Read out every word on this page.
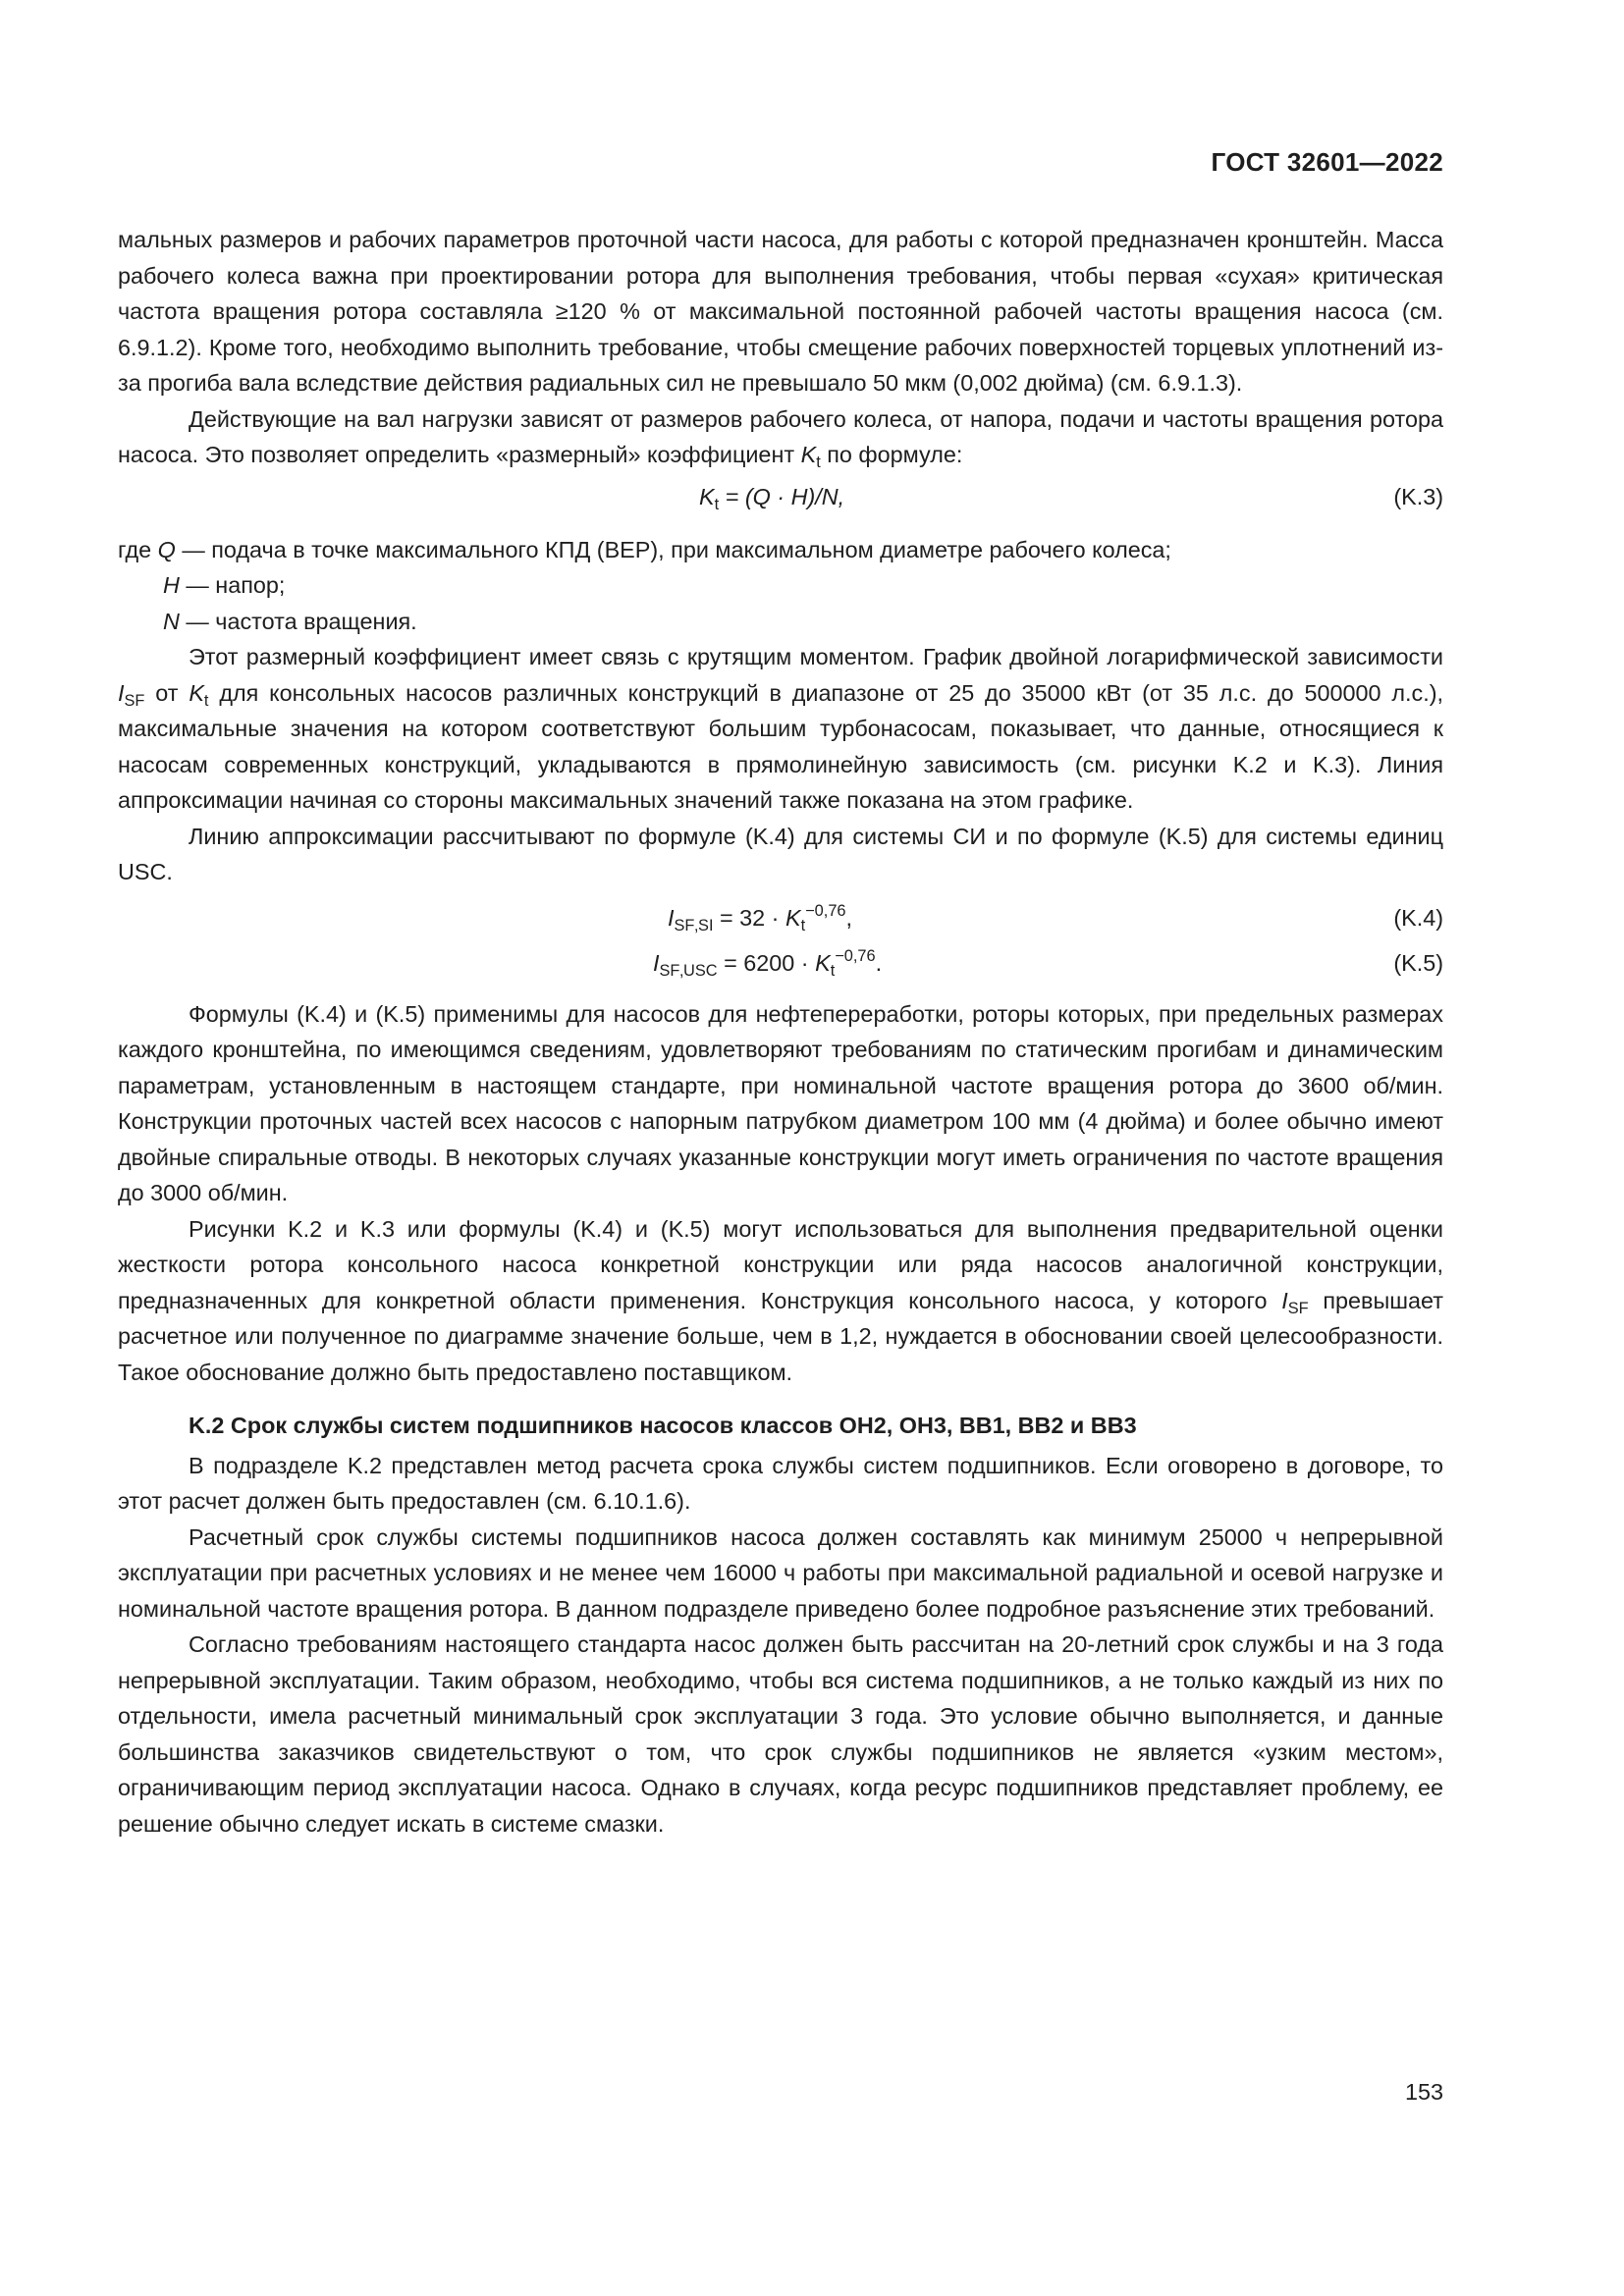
ГОСТ 32601—2022

мальных размеров и рабочих параметров проточной части насоса, для работы с которой предназначен кронштейн. Масса рабочего колеса важна при проектировании ротора для выполнения требования, чтобы первая «сухая» критическая частота вращения ротора составляла ≥120 % от максимальной постоянной рабочей частоты вращения насоса (см. 6.9.1.2). Кроме того, необходимо выполнить требование, чтобы смещение рабочих поверхностей торцевых уплотнений из-за прогиба вала вследствие действия радиальных сил не превышало 50 мкм (0,002 дюйма) (см. 6.9.1.3).

Действующие на вал нагрузки зависят от размеров рабочего колеса, от напора, подачи и частоты вращения ротора насоса. Это позволяет определить «размерный» коэффициент $K_t$ по формуле:

$K_t = (Q \cdot H)/N$,	(K.3)

где Q — подача в точке максимального КПД (BEP), при максимальном диаметре рабочего колеса;

H — напор;

N — частота вращения.

Этот размерный коэффициент имеет связь с крутящим моментом. График двойной логарифмической зависимости $I_{SF}$ от $K_t$ для консольных насосов различных конструкций в диапазоне от 25 до 35000 кВт (от 35 л.с. до 500000 л.с.), максимальные значения на котором соответствуют большим турбонасосам, показывает, что данные, относящиеся к насосам современных конструкций, укладываются в прямолинейную зависимость (см. рисунки K.2 и K.3). Линия аппроксимации начиная со стороны максимальных значений также показана на этом графике.

Линию аппроксимации рассчитывают по формуле (K.4) для системы СИ и по формуле (K.5) для системы единиц USC.

$I_{SF‚SI} = 32 \cdot K_t^{-0,76}$,	(K.4)
$I_{SF‚USC} = 6200 \cdot K_t^{-0,76}$.	(K.5)

Формулы (K.4) и (K.5) применимы для насосов для нефтепереработки, роторы которых, при предельных размерах каждого кронштейна, по имеющимся сведениям, удовлетворяют требованиям по статическим прогибам и динамическим параметрам, установленным в настоящем стандарте, при номинальной частоте вращения ротора до 3600 об/мин. Конструкции проточных частей всех насосов с напорным патрубком диаметром 100 мм (4 дюйма) и более обычно имеют двойные спиральные отводы. В некоторых случаях указанные конструкции могут иметь ограничения по частоте вращения до 3000 об/мин.

Рисунки K.2 и K.3 или формулы (K.4) и (K.5) могут использоваться для выполнения предварительной оценки жесткости ротора консольного насоса конкретной конструкции или ряда насосов аналогичной конструкции, предназначенных для конкретной области применения. Конструкция консольного насоса, у которого $I_{SF}$ превышает расчетное или полученное по диаграмме значение больше, чем в 1,2, нуждается в обосновании своей целесообразности. Такое обоснование должно быть предоставлено поставщиком.

K.2 Срок службы систем подшипников насосов классов OH2, OH3, BB1, BB2 и BB3

В подразделе K.2 представлен метод расчета срока службы систем подшипников. Если оговорено в договоре, то этот расчет должен быть предоставлен (см. 6.10.1.6).

Расчетный срок службы системы подшипников насоса должен составлять как минимум 25000 ч непрерывной эксплуатации при расчетных условиях и не менее чем 16000 ч работы при максимальной радиальной и осевой нагрузке и номинальной частоте вращения ротора. В данном подразделе приведено более подробное разъяснение этих требований.

Согласно требованиям настоящего стандарта насос должен быть рассчитан на 20-летний срок службы и на 3 года непрерывной эксплуатации. Таким образом, необходимо, чтобы вся система подшипников, а не только каждый из них по отдельности, имела расчетный минимальный срок эксплуатации 3 года. Это условие обычно выполняется, и данные большинства заказчиков свидетельствуют о том, что срок службы подшипников не является «узким местом», ограничивающим период эксплуатации насоса. Однако в случаях, когда ресурс подшипников представляет проблему, ее решение обычно следует искать в системе смазки.

153
